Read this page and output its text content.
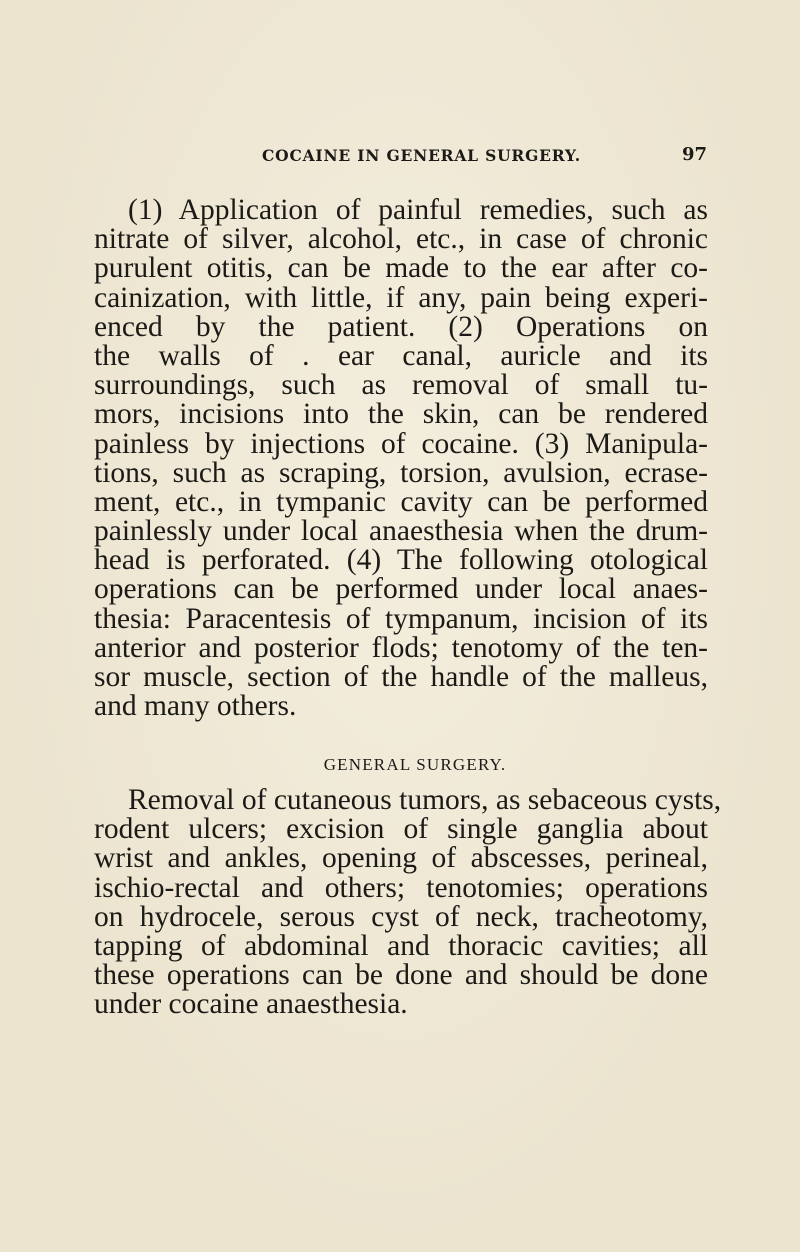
COCAINE IN GENERAL SURGERY.	97
(1) Application of painful remedies, such as
nitrate of silver, alcohol, etc., in case of chronic
purulent otitis, can be made to the ear after co-
cainization, with little, if any, pain being experi-
enced by the patient. (2) Operations on
the walls of . ear canal, auricle and its
surroundings, such as removal of small tu-
mors, incisions into the skin, can be rendered
painless by injections of cocaine. (3) Manipula-
tions, such as scraping, torsion, avulsion, ecrase-
ment, etc., in tympanic cavity can be performed
painlessly under local anaesthesia when the drum-
head is perforated. (4) The following otological
operations can be performed under local anaes-
thesia: Paracentesis of tympanum, incision of its
anterior and posterior flods; tenotomy of the ten-
sor muscle, section of the handle of the malleus,
and many others.
GENERAL SURGERY.
Removal of cutaneous tumors, as sebaceous cysts,
rodent ulcers; excision of single ganglia about
wrist and ankles, opening of abscesses, perineal,
ischio-rectal and others; tenotomies; operations
on hydrocele, serous cyst of neck, tracheotomy,
tapping of abdominal and thoracic cavities; all
these operations can be done and should be done
under cocaine anaesthesia.
